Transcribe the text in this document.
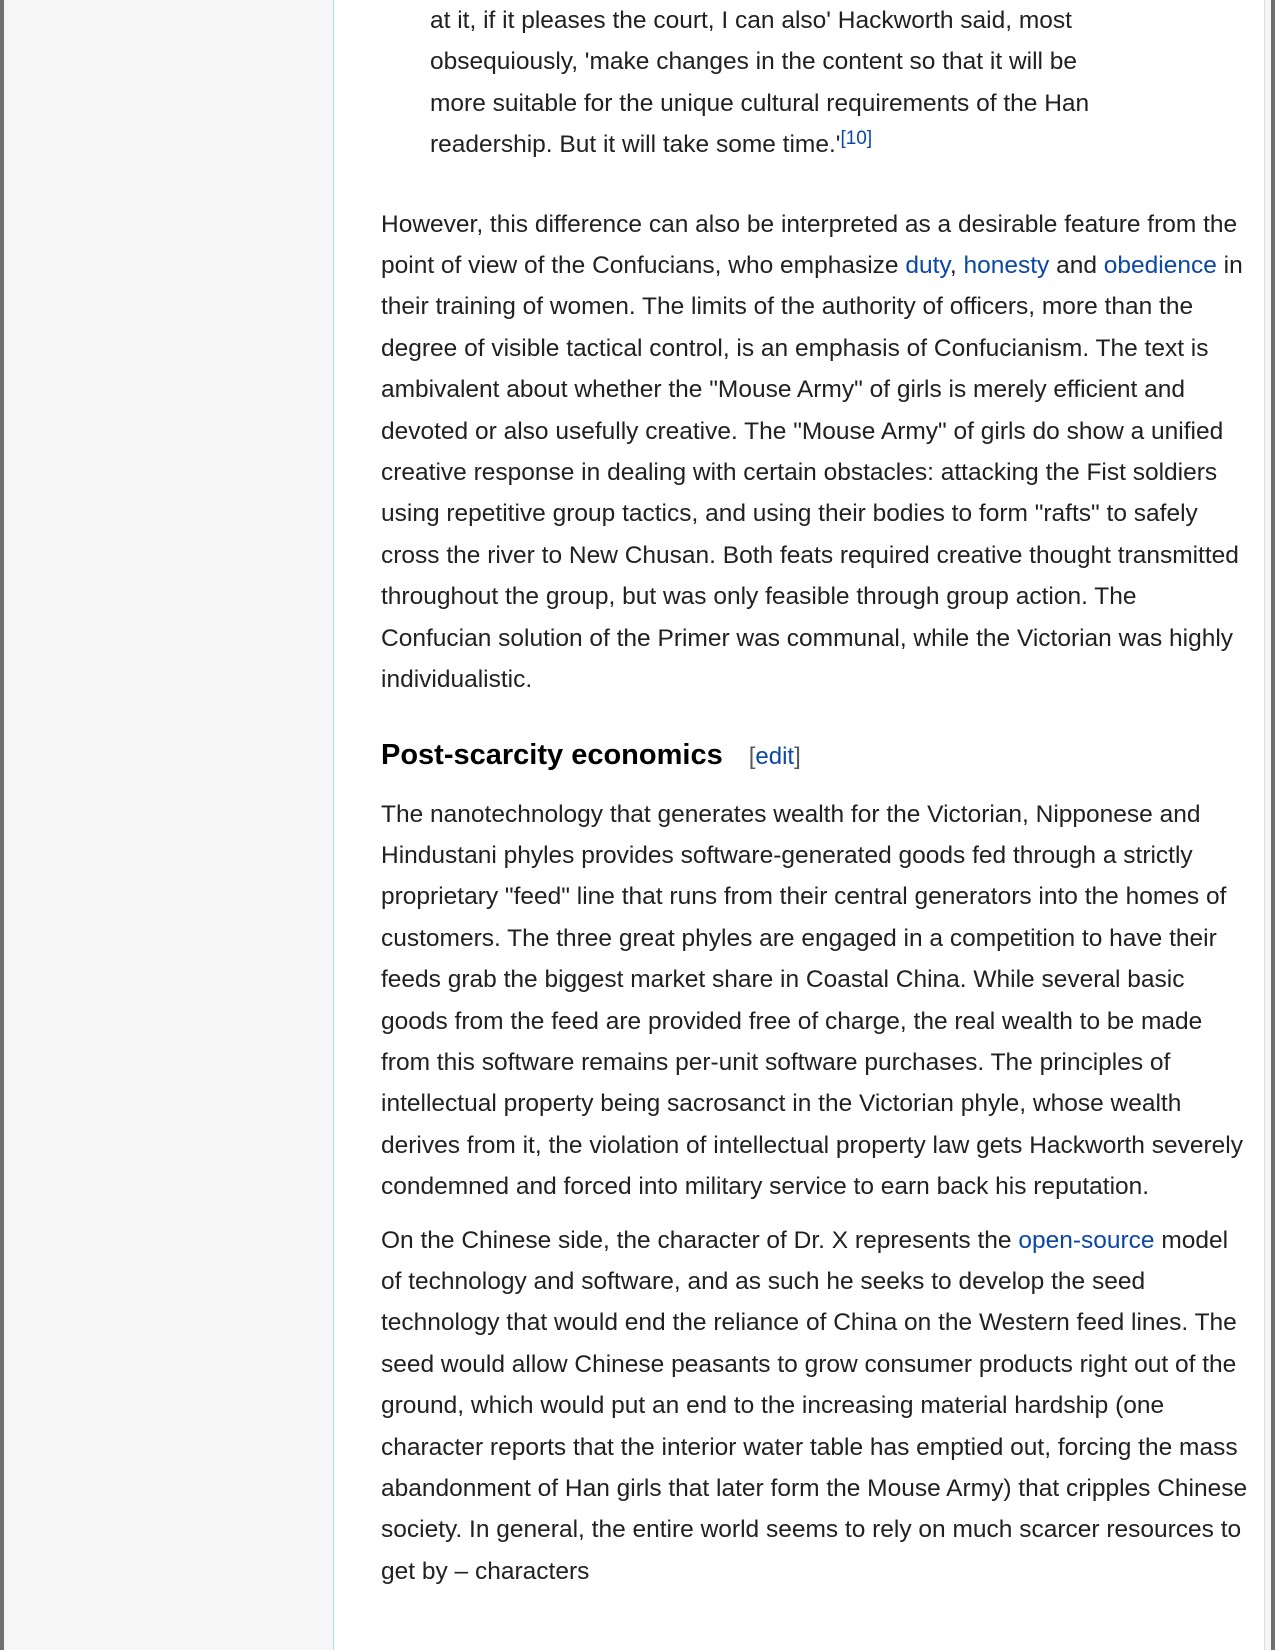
at it, if it pleases the court, I can also' Hackworth said, most obsequiously, 'make changes in the content so that it will be more suitable for the unique cultural requirements of the Han readership. But it will take some time.'[10]

However, this difference can also be interpreted as a desirable feature from the point of view of the Confucians, who emphasize duty, honesty and obedience in their training of women. The limits of the authority of officers, more than the degree of visible tactical control, is an emphasis of Confucianism. The text is ambivalent about whether the "Mouse Army" of girls is merely efficient and devoted or also usefully creative. The "Mouse Army" of girls do show a unified creative response in dealing with certain obstacles: attacking the Fist soldiers using repetitive group tactics, and using their bodies to form "rafts" to safely cross the river to New Chusan. Both feats required creative thought transmitted throughout the group, but was only feasible through group action. The Confucian solution of the Primer was communal, while the Victorian was highly individualistic.

Post-scarcity economics [edit]

The nanotechnology that generates wealth for the Victorian, Nipponese and Hindustani phyles provides software-generated goods fed through a strictly proprietary "feed" line that runs from their central generators into the homes of customers. The three great phyles are engaged in a competition to have their feeds grab the biggest market share in Coastal China. While several basic goods from the feed are provided free of charge, the real wealth to be made from this software remains per-unit software purchases. The principles of intellectual property being sacrosanct in the Victorian phyle, whose wealth derives from it, the violation of intellectual property law gets Hackworth severely condemned and forced into military service to earn back his reputation.

On the Chinese side, the character of Dr. X represents the open-source model of technology and software, and as such he seeks to develop the seed technology that would end the reliance of China on the Western feed lines. The seed would allow Chinese peasants to grow consumer products right out of the ground, which would put an end to the increasing material hardship (one character reports that the interior water table has emptied out, forcing the mass abandonment of Han girls that later form the Mouse Army) that cripples Chinese society. In general, the entire world seems to rely on much scarcer resources to get by – characters
